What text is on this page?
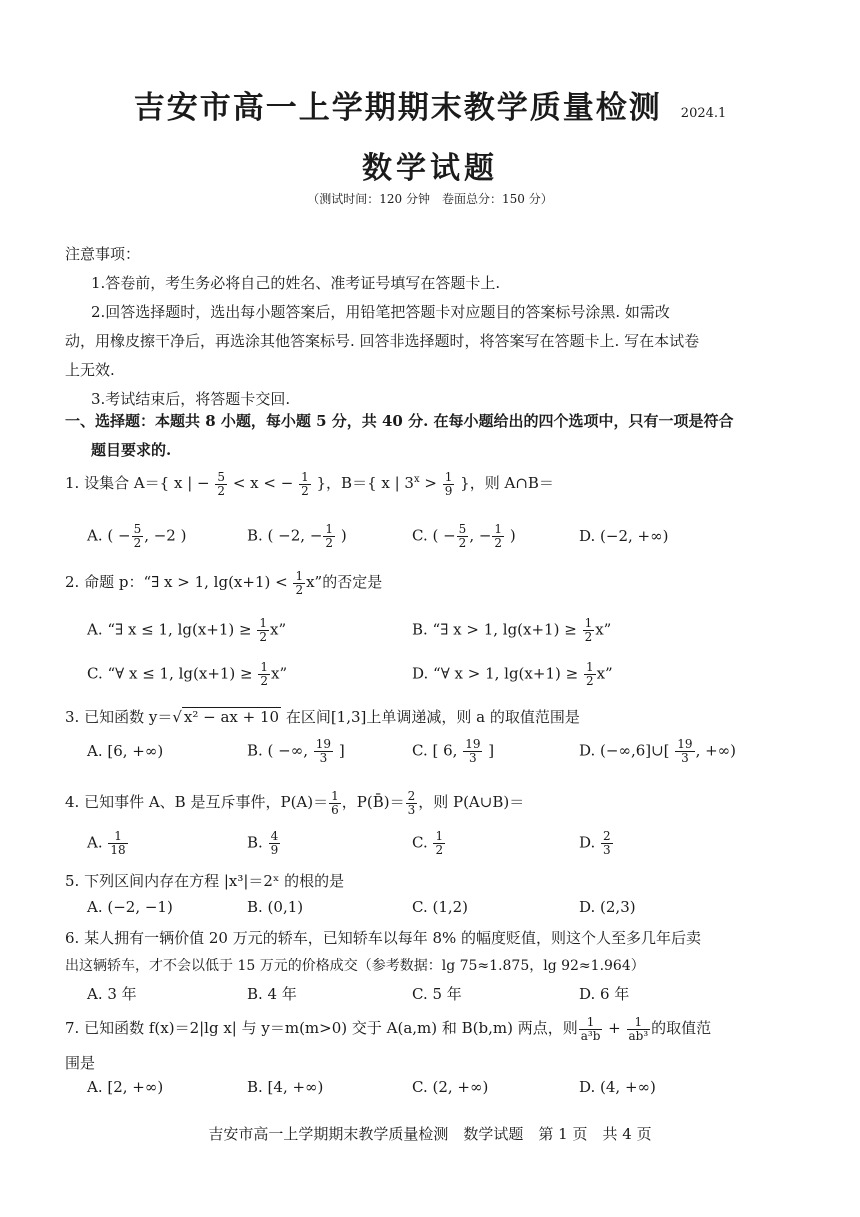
吉安市高一上学期期末教学质量检测 2024.1
数学试题
（测试时间：120 分钟　卷面总分：150 分）
注意事项：
1.答卷前，考生务必将自己的姓名、准考证号填写在答题卡上.
2.回答选择题时，选出每小题答案后，用铅笔把答题卡对应题目的答案标号涂黑. 如需改
动，用橡皮擦干净后，再选涂其他答案标号. 回答非选择题时，将答案写在答题卡上. 写在本试卷
上无效.
3.考试结束后，将答题卡交回.
一、选择题：本题共 8 小题，每小题 5 分，共 40 分. 在每小题给出的四个选项中，只有一项是符合
题目要求的.
1. 设集合 A＝{ x | − $\frac{5}{2} < x$ < − $\frac{1}{2}$ }，B＝{ x | $3^x > \frac{1}{9}$ }，则 A∩B＝
A. ( − $\frac{5}{2}$ , −2 )	B. ( −2, − $\frac{1}{2}$ )	C. ( − $\frac{5}{2}$ , − $\frac{1}{2}$ )	D. (−2, +∞)
2. 命题 p：“∃ x > 1, $\lg(x+1) < \frac{1}{2} x$”的否定是
A. “∃ x ≤ 1, $\lg(x+1) \ge \frac{1}{2} x$”	B. “∃ x > 1, $\lg(x+1) \ge \frac{1}{2} x$”
C. “∀ x ≤ 1, $\lg(x+1) \ge \frac{1}{2} x$”	D. “∀ x > 1, $\lg(x+1) \ge \frac{1}{2} x$”
3. 已知函数 y＝√ x² − ax + 10 在区间[1,3]上单调递减，则 a 的取值范围是
A. [6, +∞)	B. ( −∞, $\frac{19}{3}$ ]	C. [ 6, $\frac{19}{3}$ ]	D. (−∞,6]∪[ $\frac{19}{3}$ , +∞)
4. 已知事件 A、B 是互斥事件，$P(A)= \frac{1}{6}$ ，P(B̄)＝ $\frac{2}{3}$ ，则 P(A∪B)＝
A. $\frac{1}{18}$	B. $\frac{4}{9}$	C. $\frac{1}{2}$	D. $\frac{2}{3}$
5. 下列区间内存在方程 |x³|＝2ˣ 的根的是
A. (−2, −1)	B. (0,1)	C. (1,2)	D. (2,3)
6. 某人拥有一辆价值 20 万元的轿车，已知轿车以每年 8% 的幅度贬值，则这个人至多几年后卖
出这辆轿车，才不会以低于 15 万元的价格成交（参考数据：lg 75≈1.875，lg 92≈1.964）
A. 3 年	B. 4 年	C. 5 年	D. 6 年
7. 已知函数 f(x)＝2|lg x| 与 y＝m(m>0) 交于 A(a,m) 和 B(b,m) 两点，则 $\frac{1}{\text{a³b}} + \frac{1}{\text{ab³}}$ 的取值范
围是
A. [2, +∞)	B. [4, +∞)	C. (2, +∞)	D. (4, +∞)
吉安市高一上学期期末教学质量检测　数学试题　第 1 页　共 4 页
